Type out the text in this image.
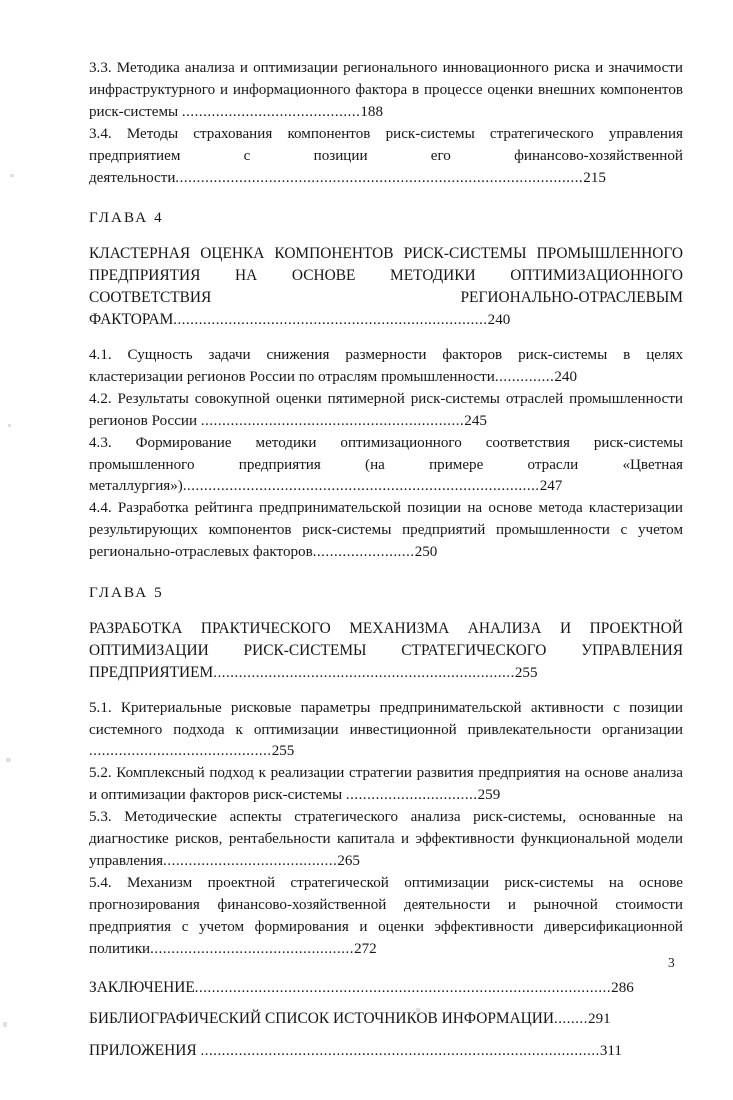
3.3. Методика анализа и оптимизации регионального инновационного риска и значимости инфраструктурного и информационного фактора в процессе оценки внешних компонентов риск-системы ..........................................188

3.4. Методы страхования компонентов риск-системы стратегического управления предприятием с позиции его финансово-хозяйственной деятельности................................................................................................215

ГЛАВА 4

КЛАСТЕРНАЯ ОЦЕНКА КОМПОНЕНТОВ РИСК-СИСТЕМЫ ПРОМЫШЛЕННОГО ПРЕДПРИЯТИЯ НА ОСНОВЕ МЕТОДИКИ ОПТИМИЗАЦИОННОГО СООТВЕТСТВИЯ РЕГИОНАЛЬНО-ОТРАСЛЕВЫМ ФАКТОРАМ..........................................................................240

4.1. Сущность задачи снижения размерности факторов риск-системы в целях кластеризации регионов России по отраслям промышленности..............240

4.2. Результаты совокупной оценки пятимерной риск-системы отраслей промышленности регионов России ..............................................................245

4.3. Формирование методики оптимизационного соответствия риск-системы промышленного предприятия (на примере отрасли «Цветная металлургия»)....................................................................................247

4.4. Разработка рейтинга предпринимательской позиции на основе метода кластеризации результирующих компонентов риск-системы предприятий промышленности с учетом регионально-отраслевых факторов........................250

ГЛАВА 5

РАЗРАБОТКА ПРАКТИЧЕСКОГО МЕХАНИЗМА АНАЛИЗА И ПРОЕКТНОЙ ОПТИМИЗАЦИИ РИСК-СИСТЕМЫ СТРАТЕГИЧЕСКОГО УПРАВЛЕНИЯ ПРЕДПРИЯТИЕМ.......................................................................255

5.1. Критериальные рисковые параметры предпринимательской активности с позиции системного подхода к оптимизации инвестиционной привлекательности организации ...........................................255

5.2. Комплексный подход к реализации стратегии развития предприятия на основе анализа и оптимизации факторов риск-системы ...............................259

5.3. Методические аспекты стратегического анализа риск-системы, основанные на диагностике рисков, рентабельности капитала и эффективности функциональной модели управления.........................................265

5.4. Механизм проектной стратегической оптимизации риск-системы на основе прогнозирования финансово-хозяйственной деятельности и рыночной стоимости предприятия с учетом формирования и оценки эффективности диверсификационной политики................................................272

ЗАКЛЮЧЕНИЕ..................................................................................................286

БИБЛИОГРАФИЧЕСКИЙ СПИСОК ИСТОЧНИКОВ ИНФОРМАЦИИ........291

ПРИЛОЖЕНИЯ ..............................................................................................311

3
